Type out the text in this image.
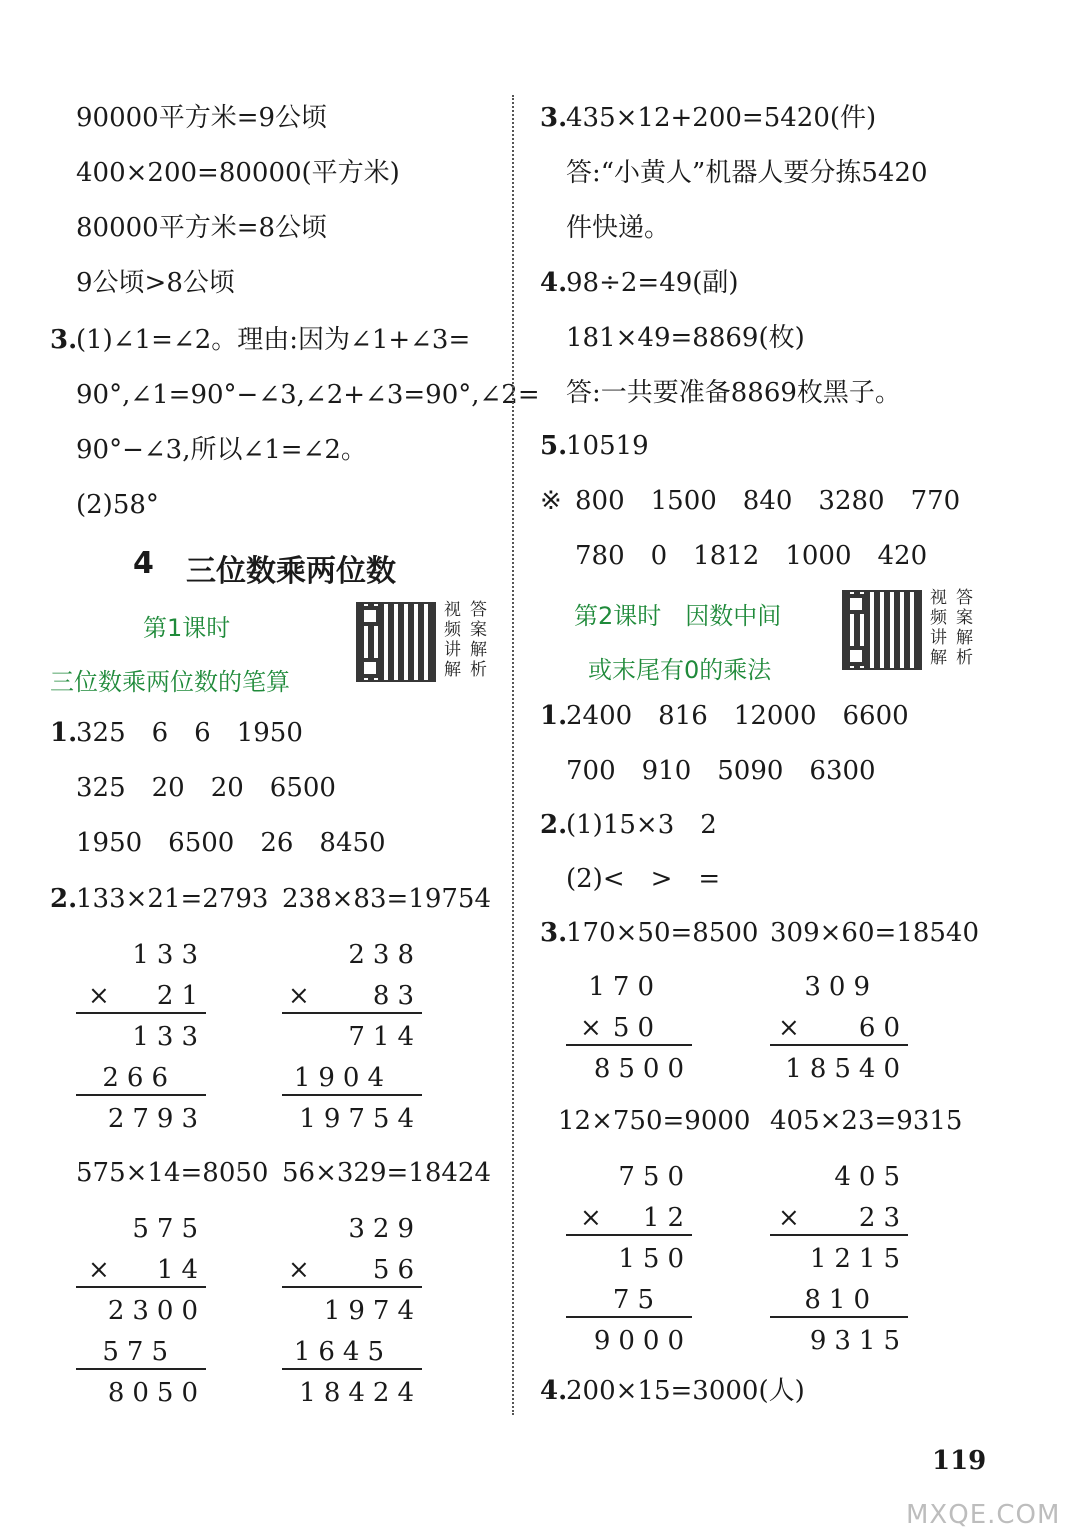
90000平方米=9公顷
400×200=80000(平方米)
80000平方米=8公顷
9公顷>8公顷
3.
(1)∠1=∠2。理由:因为∠1+∠3=
90°,∠1=90°−∠3,∠2+∠3=90°,∠2=
90°−∠3,所以∠1=∠2。
(2)58°
4 三位数乘两位数
第1课时
三位数乘两位数的笔算
视频讲解
答案解析
1.
325　6　6　1950
325　20　20　6500
1950　6500　26　8450
2.
133×21=2793 238×83=19754
133
× 21
133
266
2793
238
× 83
714
1904
19754
575×14=8050 56×329=18424
575
× 14
2300
575
8050
329
× 56
1974
1645
18424
3.
435×12+200=5420(件)
答:“小黄人”机器人要分拣5420
件快递。
4.
98÷2=49(副)
181×49=8869(枚)
答:一共要准备8869枚黑子。
5.
10519
※ 800　1500　840　3280　770
780　0　1812　1000　420
第2课时　因数中间
或末尾有0的乘法
视频讲解
答案解析
1.
2400　816　12000　6600
700　910　5090　6300
2.
(1)15×3　2
(2)<　>　=
3.
170×50=8500 309×60=18540
170
× 50
8500
309
× 60
18540
12×750=9000 405×23=9315
750
× 12
150
75
9000
405
× 23
1215
810
9315
4.
200×15=3000(人)
119
MXQE.COM
